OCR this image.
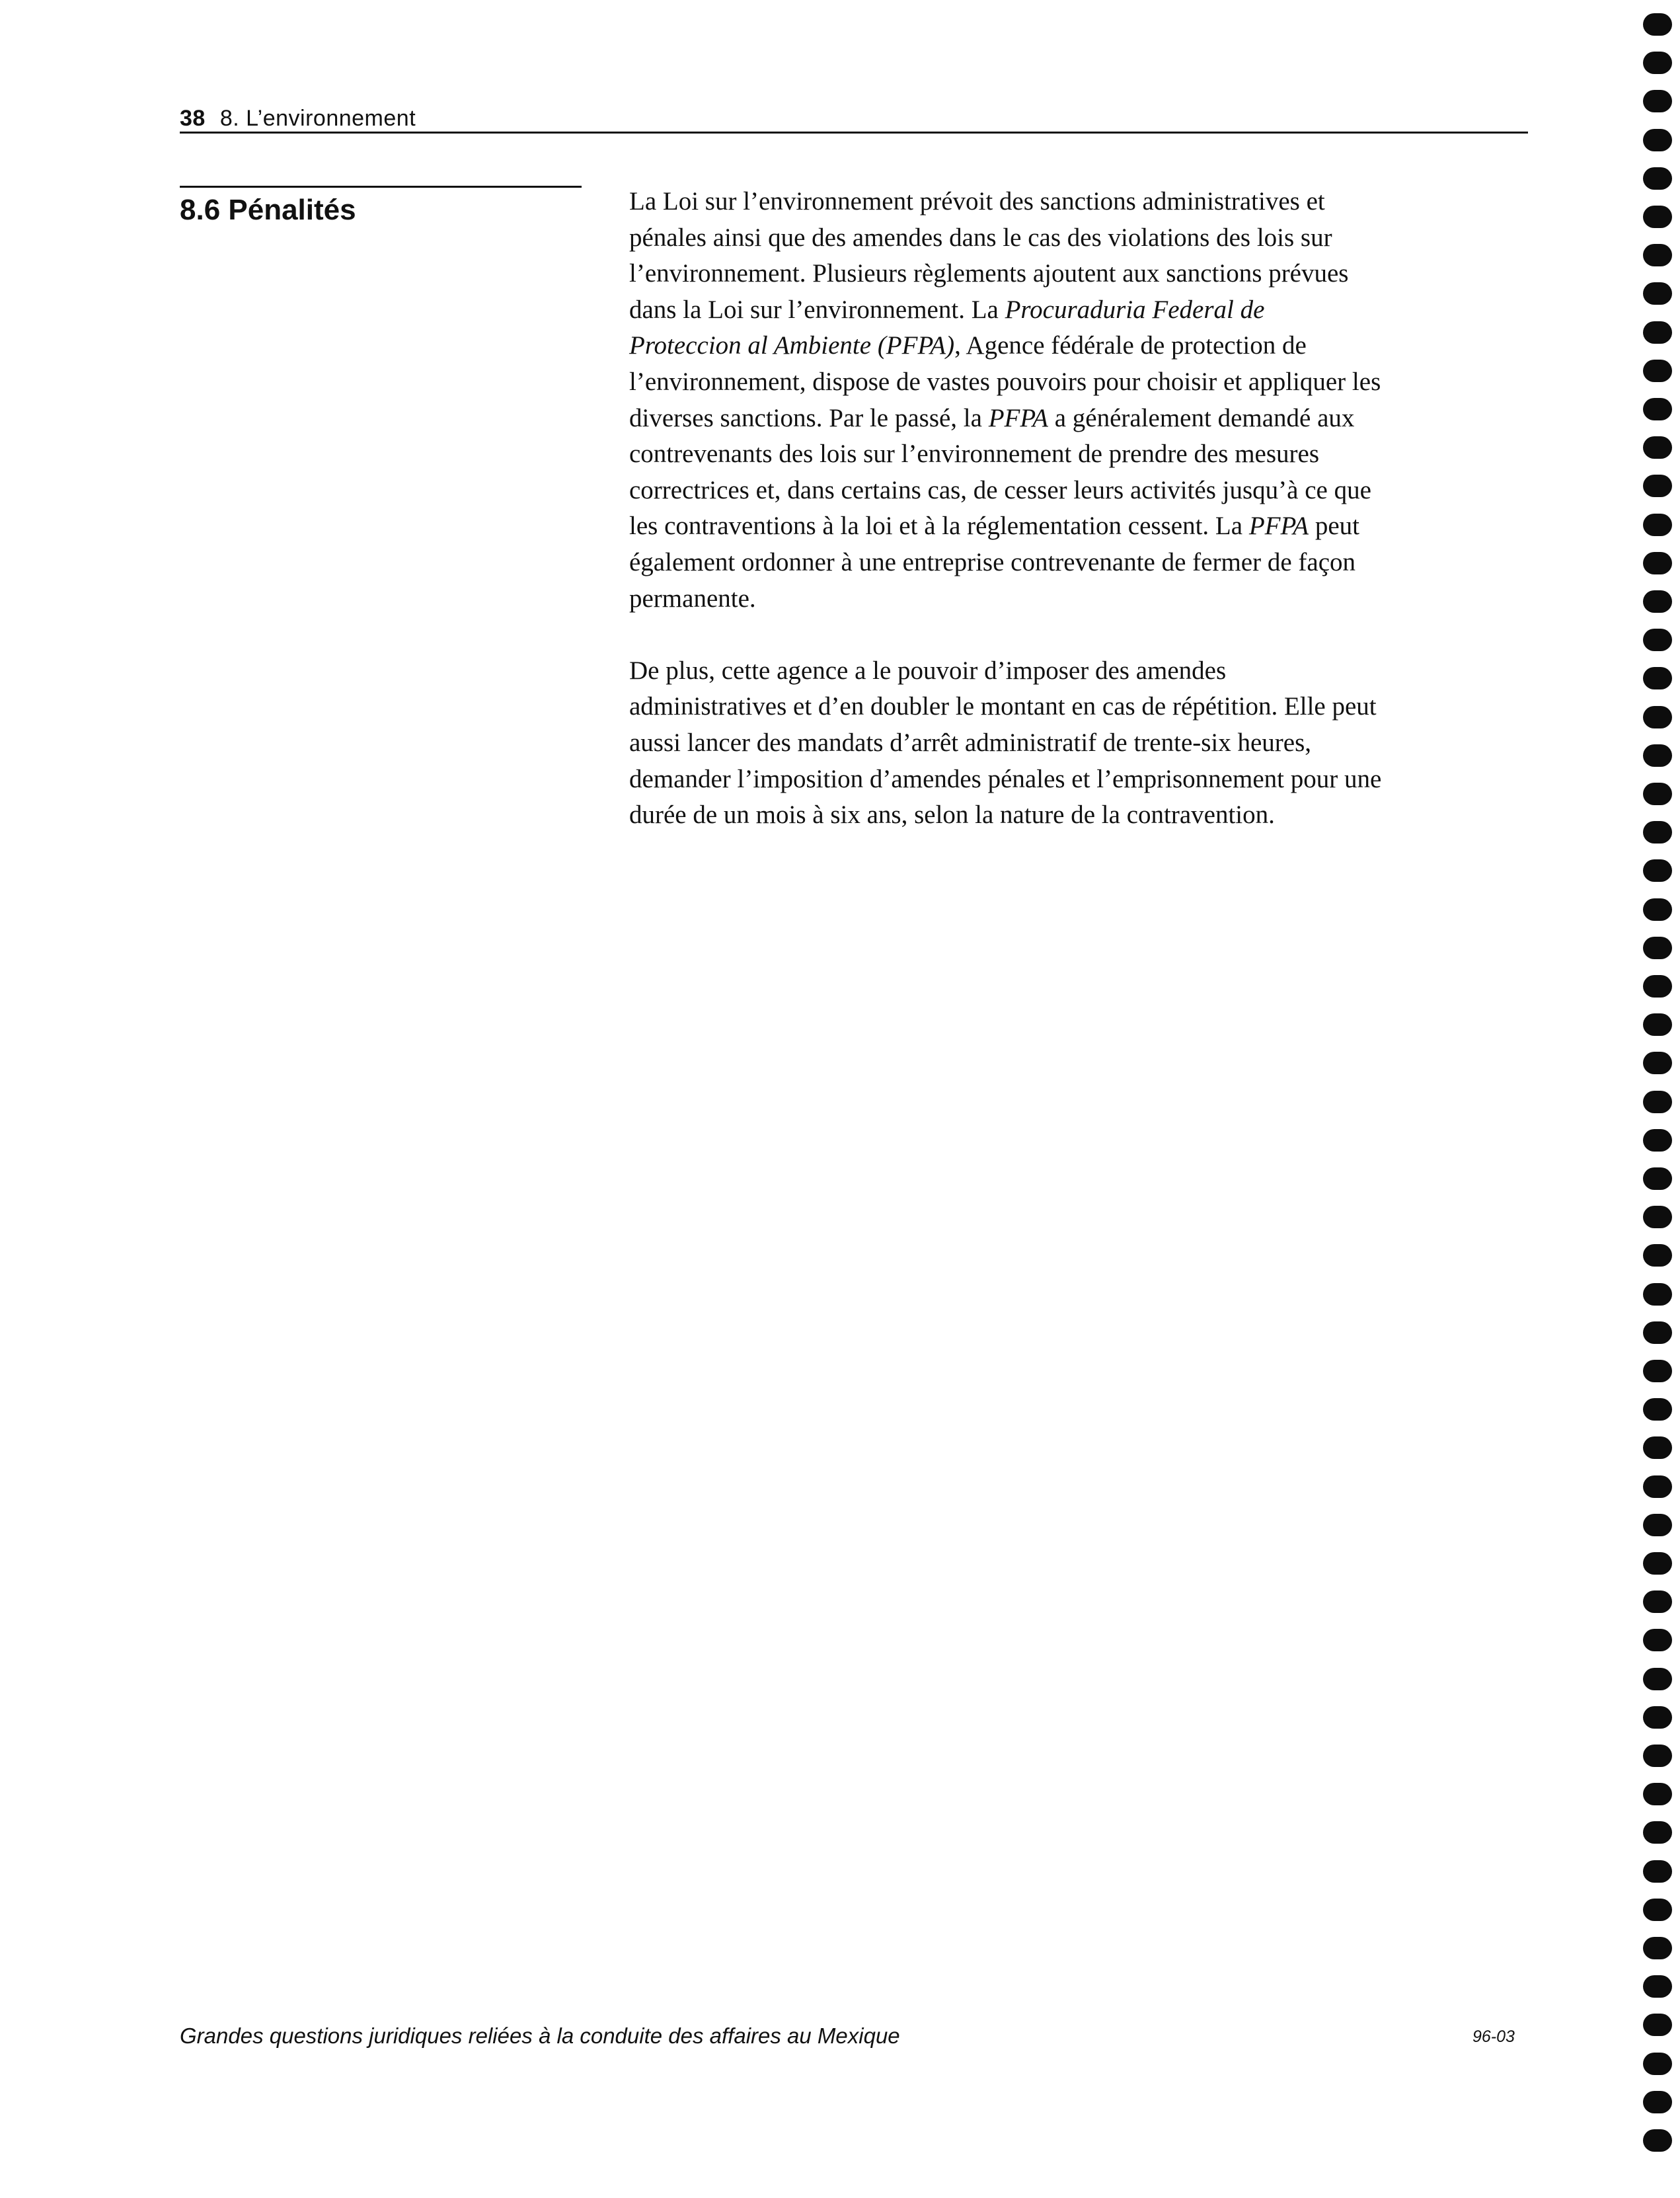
38 8. L’environnement
8.6 Pénalités	La Loi sur l’environnement prévoit des sanctions administratives et
pénales ainsi que des amendes dans le cas des violations des lois sur
l’environnement. Plusieurs règlements ajoutent aux sanctions prévues
dans la Loi sur l’environnement. La Procuraduria Federal de
Proteccion al Ambiente (PFPA), Agence fédérale de protection de
l’environnement, dispose de vastes pouvoirs pour choisir et appliquer les
diverses sanctions. Par le passé, la PFPA a généralement demandé aux
contrevenants des lois sur l’environnement de prendre des mesures
correctrices et, dans certains cas, de cesser leurs activités jusqu’à ce que
les contraventions à la loi et à la réglementation cessent. La PFPA peut
également ordonner à une entreprise contrevenante de fermer de façon
permanente.
De plus, cette agence a le pouvoir d’imposer des amendes
administratives et d’en doubler le montant en cas de répétition. Elle peut
aussi lancer des mandats d’arrêt administratif de trente-six heures,
demander l’imposition d’amendes pénales et l’emprisonnement pour une
durée de un mois à six ans, selon la nature de la contravention.
Grandes questions juridiques reliées à la conduite des affaires au Mexique	96-03
